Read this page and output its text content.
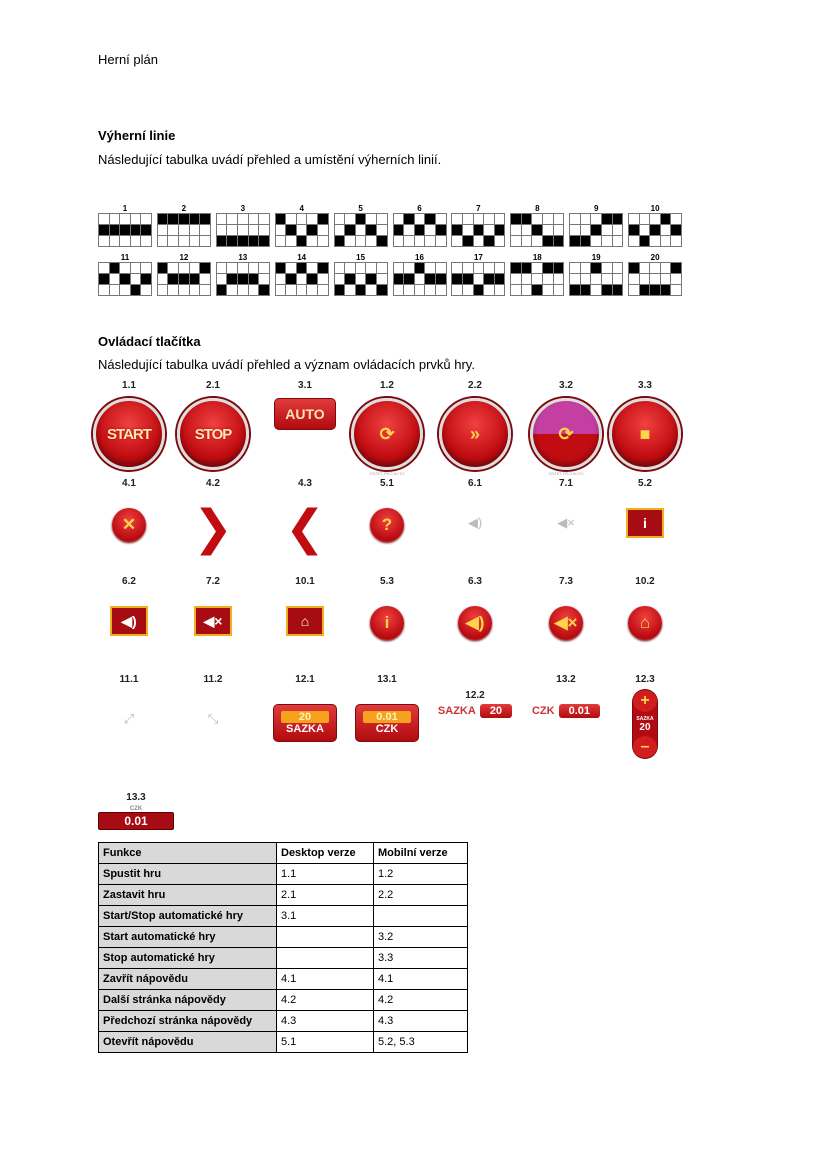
Herní plán
Výherní linie
Následující tabulka uvádí přehled a umístění výherních linií.
1	2	3	4	5	6	7	8	9	10
11	12	13	14	15	16	17	18	19	20
Ovládací tlačítka
Následující tabulka uvádí přehled a význam ovládacích prvků hry.
1.1
START
2.1
STOP
3.1
AUTO
1.2
⟳
DRŽET PRO AUTO
2.2
»
3.2
⟳
DRŽET PRO AUTO
3.3
■
4.1
✕
4.2
❯
4.3
❮
5.1
?
6.1
◀)
7.1
◀×
5.2
i
6.2
◀)
7.2
◀×
10.1
⌂
5.3
i
6.3
◀)
7.3
◀×
10.2
⌂
11.1
⤢
11.2
⤡
12.1
20
SAZKA
13.1
0.01
CZK
12.2
SAZKA	20
13.2
CZK	0.01
12.3
+
SAZKA
20
–
13.3
CZK
0.01
Funkce	Desktop verze	Mobilní verze
Spustit hru	1.1	1.2
Zastavit hru	2.1	2.2
Start/Stop automatické hry	3.1	
Start automatické hry		3.2
Stop automatické hry		3.3
Zavřít nápovědu	4.1	4.1
Další stránka nápovědy	4.2	4.2
Předchozí stránka nápovědy	4.3	4.3
Otevřít nápovědu	5.1	5.2, 5.3
